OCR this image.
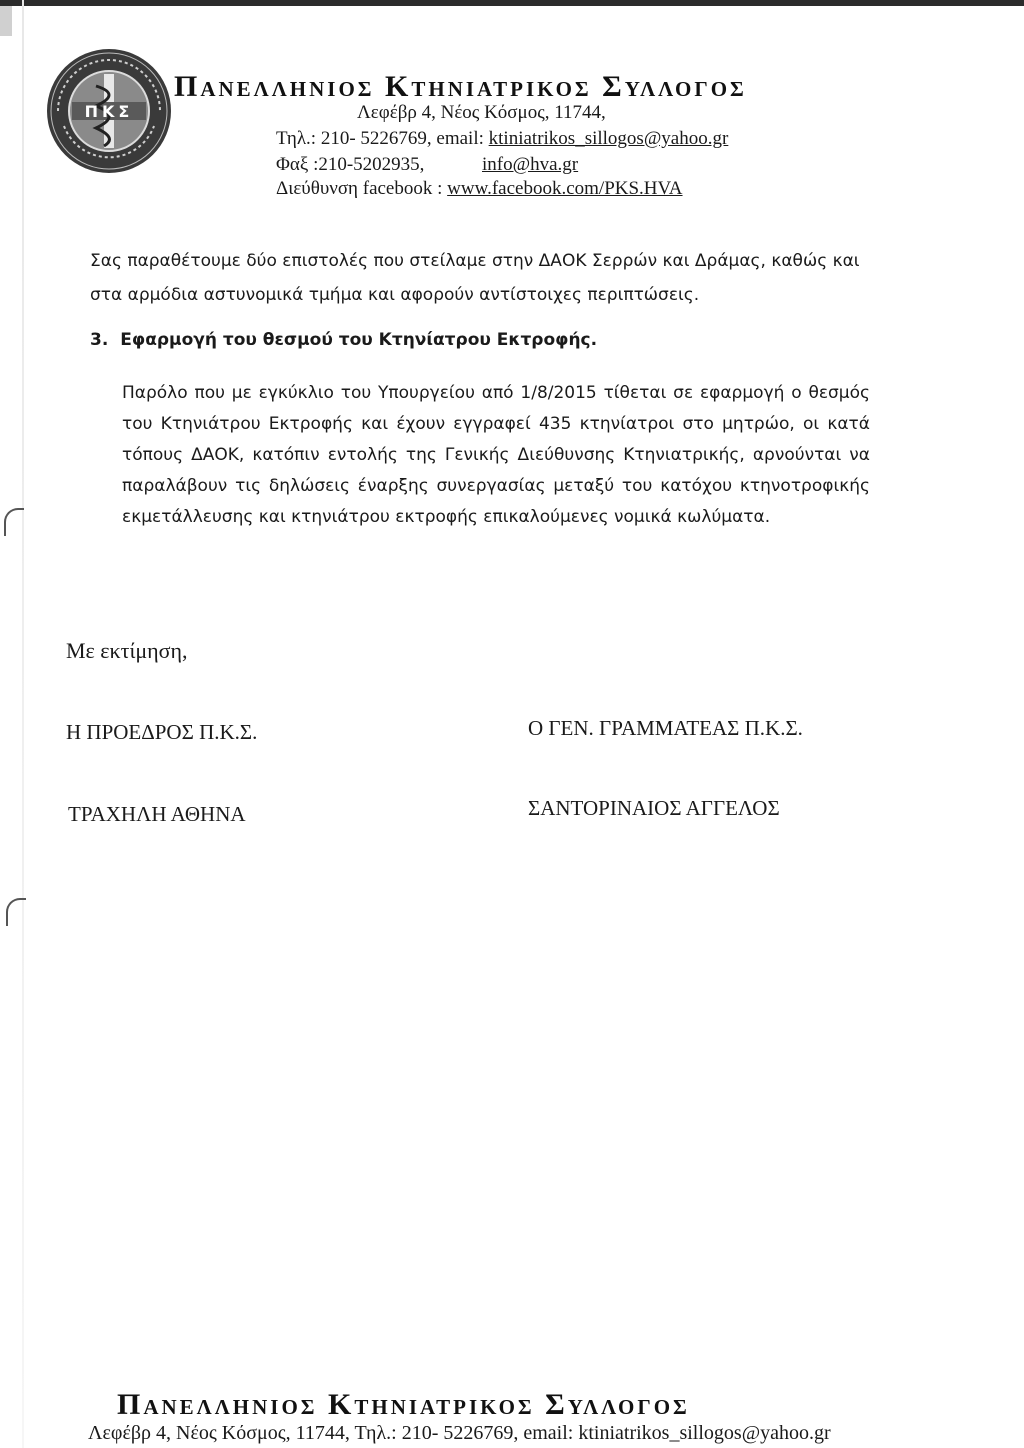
ΠΚΣ
Πανελληνιος Κτηνιατρικος Συλλογος
Λεφέβρ 4, Νέος Κόσμος, 11744,
Τηλ.: 210- 5226769, email: ktiniatrikos_sillogos@yahoo.gr
Φαξ :210-5202935,	info@hva.gr
Διεύθυνση facebook : www.facebook.com/PKS.HVA
Σας παραθέτουμε δύο επιστολές που στείλαμε στην ΔΑΟΚ Σερρών και Δράμας, καθώς και στα αρμόδια αστυνομικά τμήμα και αφορούν αντίστοιχες περιπτώσεις.
3. Εφαρμογή του θεσμού του Κτηνίατρου Εκτροφής.
Παρόλο που με εγκύκλιο του Υπουργείου από 1/8/2015 τίθεται σε εφαρμογή ο θεσμός του Κτηνιάτρου Εκτροφής και έχουν εγγραφεί 435 κτηνίατροι στο μητρώο, οι κατά τόπους ΔΑΟΚ, κατόπιν εντολής της Γενικής Διεύθυνσης Κτηνιατρικής, αρνούνται να παραλάβουν τις δηλώσεις έναρξης συνεργασίας μεταξύ του κατόχου κτηνοτροφικής εκμετάλλευσης και κτηνιάτρου εκτροφής επικαλούμενες νομικά κωλύματα.
Με εκτίμηση,
Η ΠΡΟΕΔΡΟΣ Π.Κ.Σ.	Ο ΓΕΝ. ΓΡΑΜΜΑΤΕΑΣ Π.Κ.Σ.
ΤΡΑΧΗΛΗ ΑΘΗΝΑ	ΣΑΝΤΟΡΙΝΑΙΟΣ ΑΓΓΕΛΟΣ
Πανελληνιος Κτηνιατρικος Συλλογος
Λεφέβρ 4, Νέος Κόσμος, 11744, Τηλ.: 210- 5226769, email: ktiniatrikos_sillogos@yahoo.gr
